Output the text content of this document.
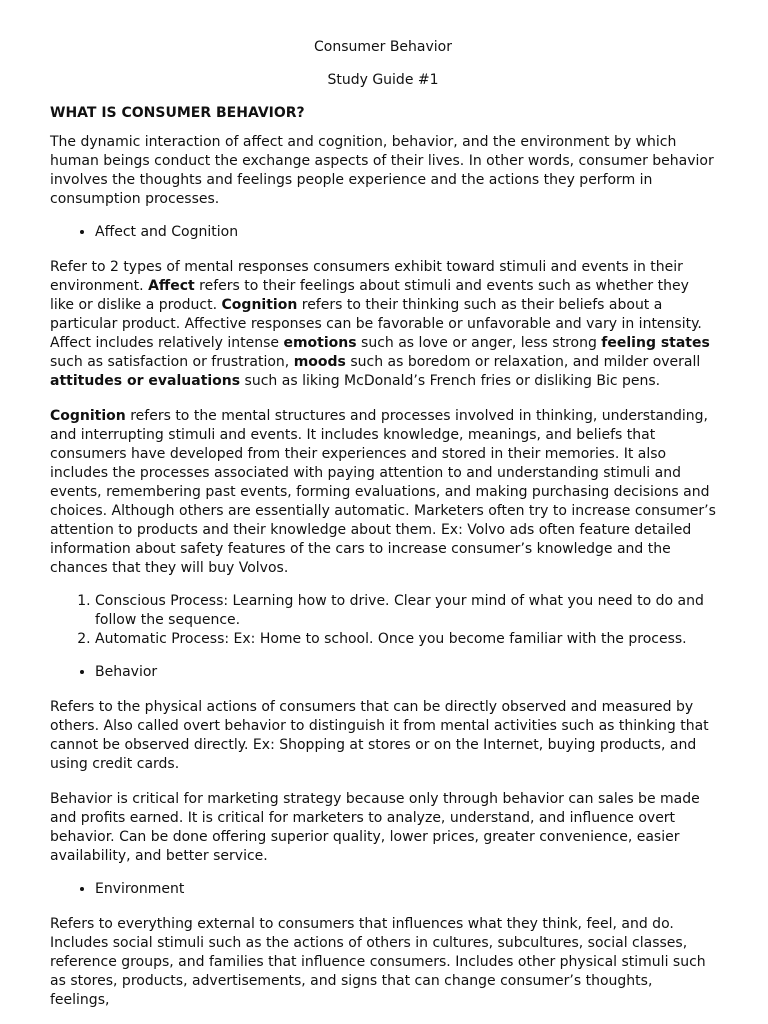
Consumer Behavior

Study Guide #1

WHAT IS CONSUMER BEHAVIOR?

The dynamic interaction of affect and cognition, behavior, and the environment by which human beings conduct the exchange aspects of their lives. In other words, consumer behavior involves the thoughts and feelings people experience and the actions they perform in consumption processes.

• Affect and Cognition

Refer to 2 types of mental responses consumers exhibit toward stimuli and events in their environment. Affect refers to their feelings about stimuli and events such as whether they like or dislike a product. Cognition refers to their thinking such as their beliefs about a particular product. Affective responses can be favorable or unfavorable and vary in intensity. Affect includes relatively intense emotions such as love or anger, less strong feeling states such as satisfaction or frustration, moods such as boredom or relaxation, and milder overall attitudes or evaluations such as liking McDonald’s French fries or disliking Bic pens.

Cognition refers to the mental structures and processes involved in thinking, understanding, and interrupting stimuli and events. It includes knowledge, meanings, and beliefs that consumers have developed from their experiences and stored in their memories. It also includes the processes associated with paying attention to and understanding stimuli and events, remembering past events, forming evaluations, and making purchasing decisions and choices. Although others are essentially automatic. Marketers often try to increase consumer’s attention to products and their knowledge about them. Ex: Volvo ads often feature detailed information about safety features of the cars to increase consumer’s knowledge and the chances that they will buy Volvos.

1. Conscious Process: Learning how to drive. Clear your mind of what you need to do and follow the sequence.
2. Automatic Process: Ex: Home to school. Once you become familiar with the process.
• Behavior

Refers to the physical actions of consumers that can be directly observed and measured by others. Also called overt behavior to distinguish it from mental activities such as thinking that cannot be observed directly. Ex: Shopping at stores or on the Internet, buying products, and using credit cards.

Behavior is critical for marketing strategy because only through behavior can sales be made and profits earned. It is critical for marketers to analyze, understand, and influence overt behavior. Can be done offering superior quality, lower prices, greater convenience, easier availability, and better service.

• Environment

Refers to everything external to consumers that influences what they think, feel, and do. Includes social stimuli such as the actions of others in cultures, subcultures, social classes, reference groups, and families that influence consumers. Includes other physical stimuli such as stores, products, advertisements, and signs that can change consumer’s thoughts, feelings,
